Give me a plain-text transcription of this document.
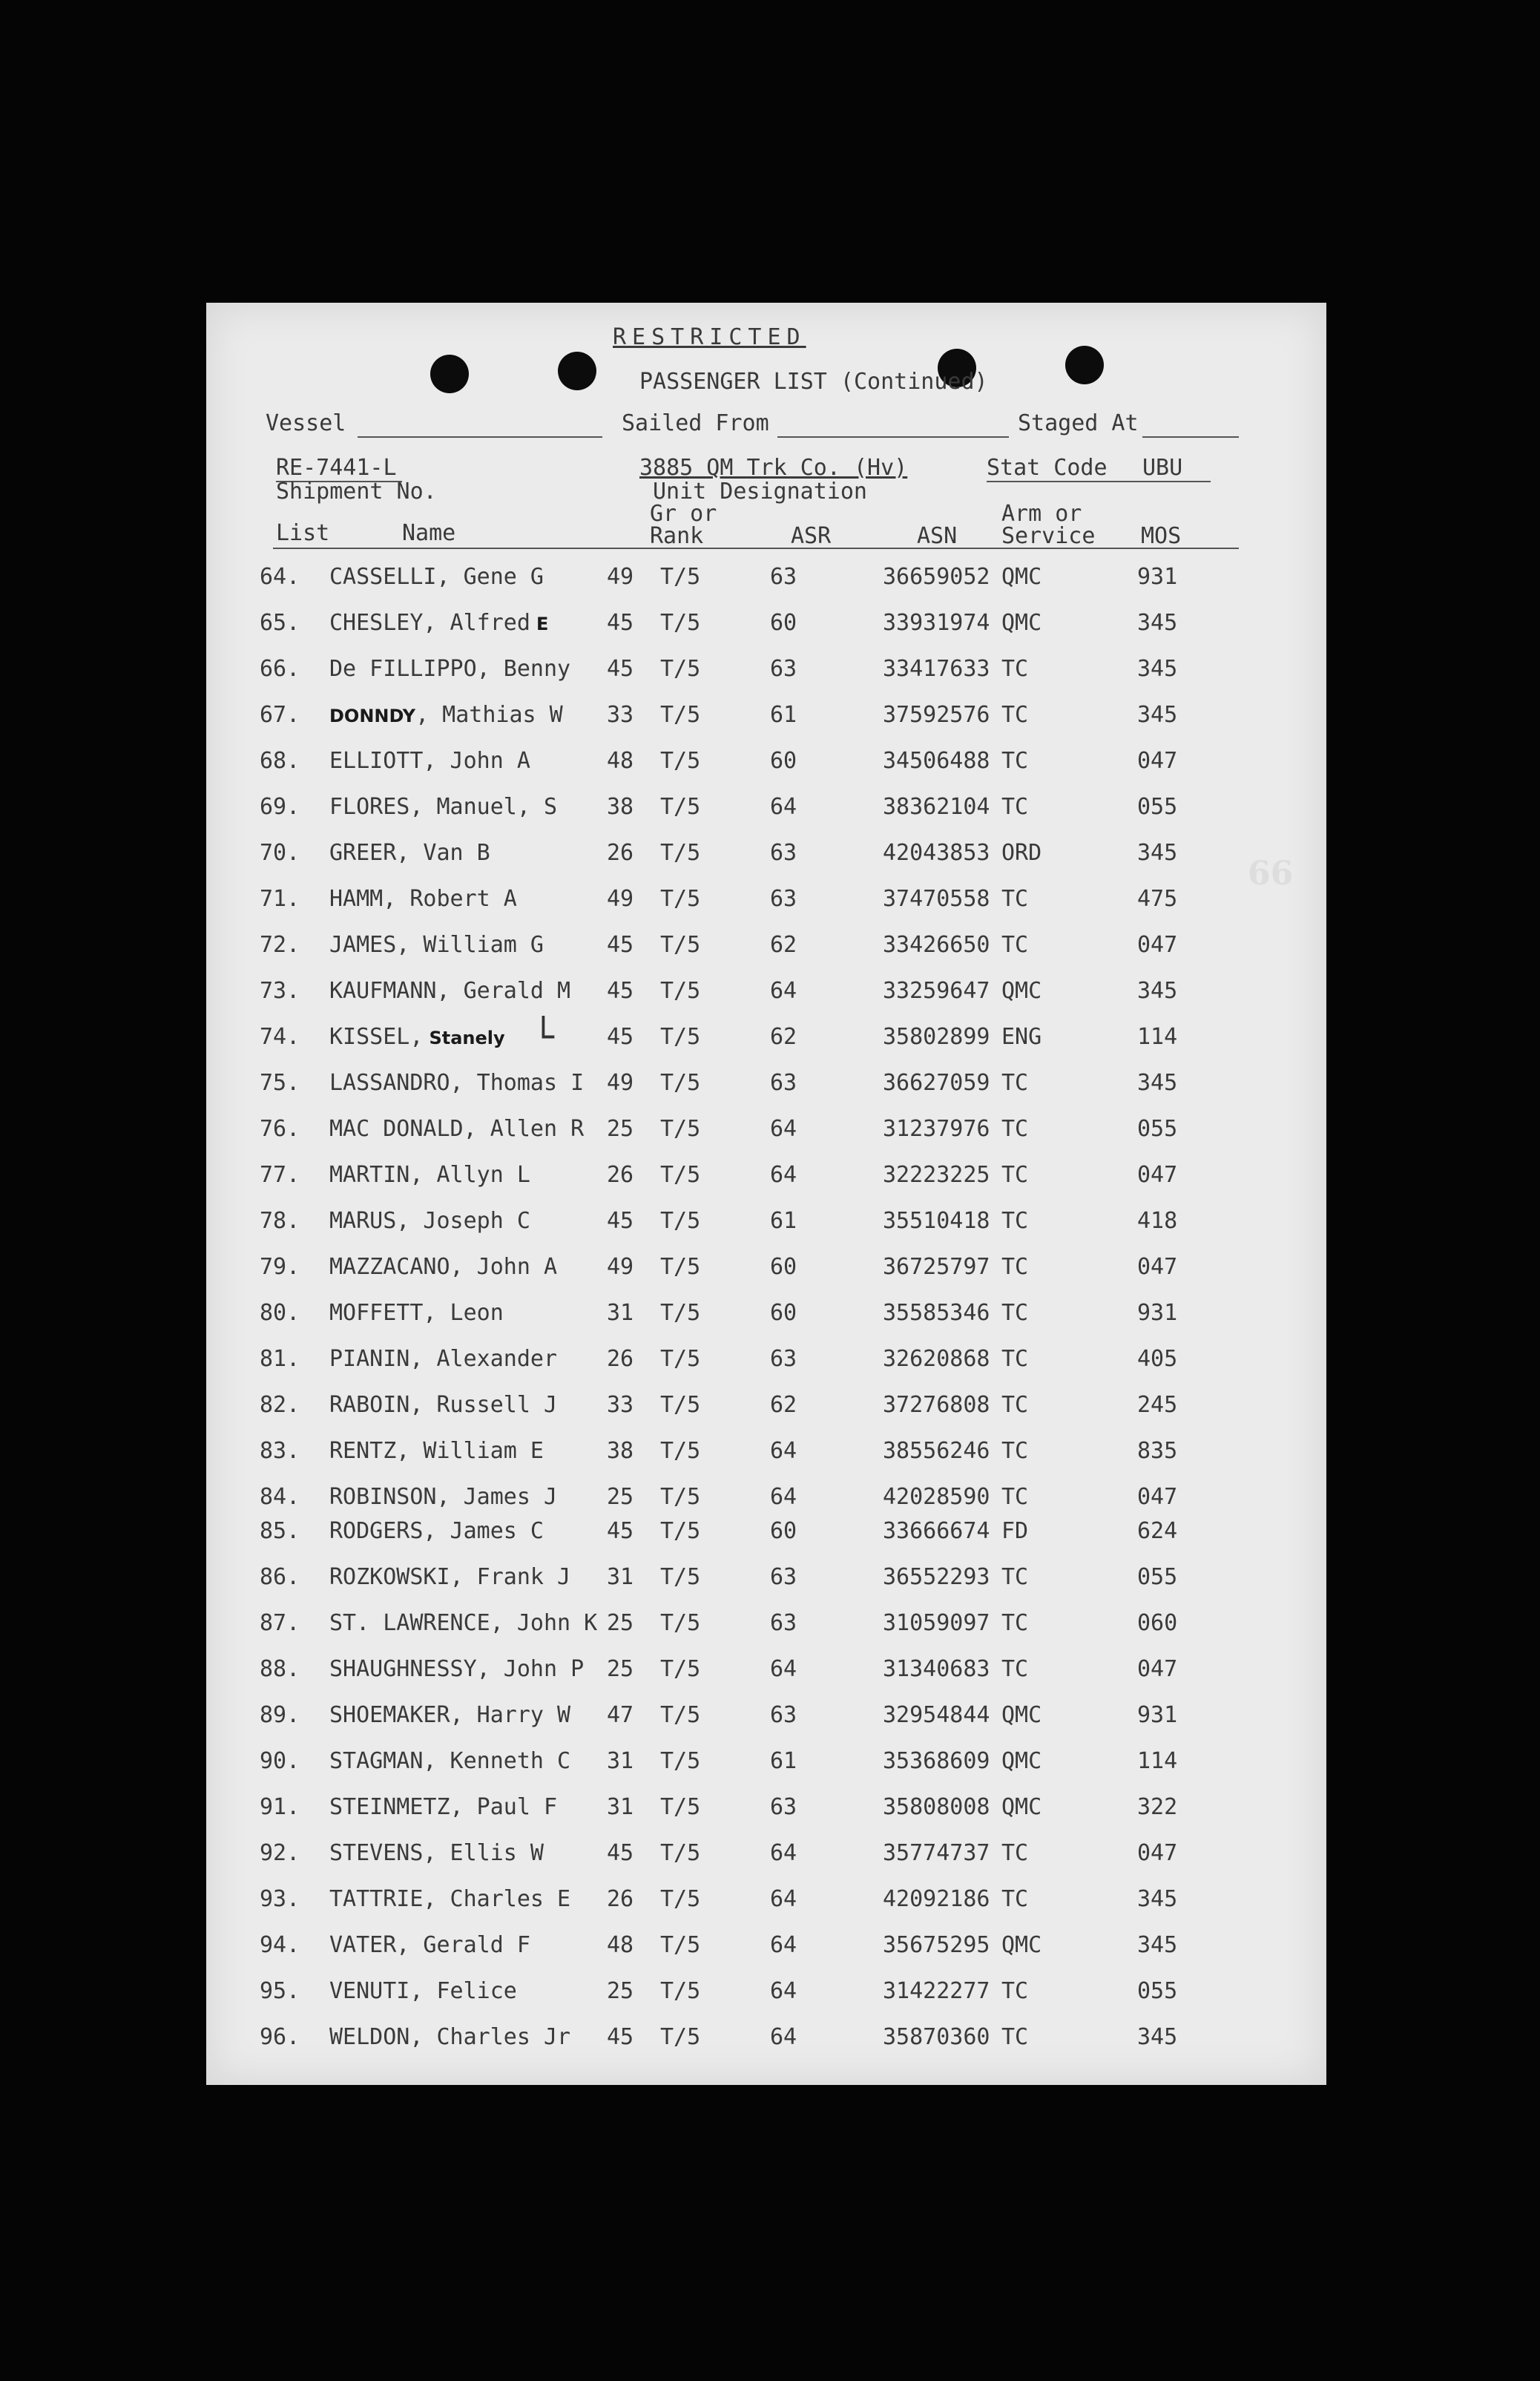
RESTRICTED
PASSENGER LIST (Continued)
Vessel	Sailed From	Staged At
RE-7441-L
Shipment No.
3885 QM Trk Co. (Hv)
Unit Designation
Stat Code UBU
List	Name
Gr or
Rank	ASR	ASN
Arm or
Service MOS
64. CASSELLI, Gene G	49 T/5	63	36659052 QMC	931
65. CHESLEY, Alfred E	45 T/5	60	33931974 QMC	345
66. De FILLIPPO, Benny 45 T/5	63	33417633 TC	345
67. DONNDY, Mathias W 33 T/5	61	37592576 TC	345
68. ELLIOTT, John A	48 T/5	60	34506488 TC	047
69. FLORES, Manuel, S 38 T/5	64	38362104 TC	055
70. GREER, Van B	26 T/5	63	42043853 ORD	345
71. HAMM, Robert A	49 T/5	63	37470558 TC	475
72. JAMES, William G	45 T/5	62	33426650 TC	047
73. KAUFMANN, Gerald M 45 T/5	64	33259647 QMC	345
74. KISSEL, Stanely	45 T/5	62	35802899 ENG	114
75. LASSANDRO, Thomas I 49 T/5	63	36627059 TC	345
76. MAC DONALD, Allen R 25 T/5	64	31237976 TC	055
77. MARTIN, Allyn L	26 T/5	64	32223225 TC	047
78. MARUS, Joseph C	45 T/5	61	35510418 TC	418
79. MAZZACANO, John A 49 T/5	60	36725797 TC	047
80. MOFFETT, Leon	31 T/5	60	35585346 TC	931
81. PIANIN, Alexander 26 T/5	63	32620868 TC	405
82. RABOIN, Russell J 33 T/5	62	37276808 TC	245
83. RENTZ, William E	38 T/5	64	38556246 TC	835
84. ROBINSON, James J 25 T/5	64	42028590 TC	047
85. RODGERS, James C	45 T/5	60	33666674 FD	624
86. ROZKOWSKI, Frank J 31 T/5	63	36552293 TC	055
87. ST. LAWRENCE, John K 25 T/5	63	31059097 TC	060
88. SHAUGHNESSY, John P 25 T/5	64	31340683 TC	047
89. SHOEMAKER, Harry W 47 T/5	63	32954844 QMC	931
90. STAGMAN, Kenneth C 31 T/5	61	35368609 QMC	114
91. STEINMETZ, Paul F 31 T/5	63	35808008 QMC	322
92. STEVENS, Ellis W	45 T/5	64	35774737 TC	047
93. TATTRIE, Charles E 26 T/5	64	42092186 TC	345
94. VATER, Gerald F	48 T/5	64	35675295 QMC	345
95. VENUTI, Felice	25 T/5	64	31422277 TC	055
96. WELDON, Charles Jr 45 T/5	64	35870360 TC	345
└
66
